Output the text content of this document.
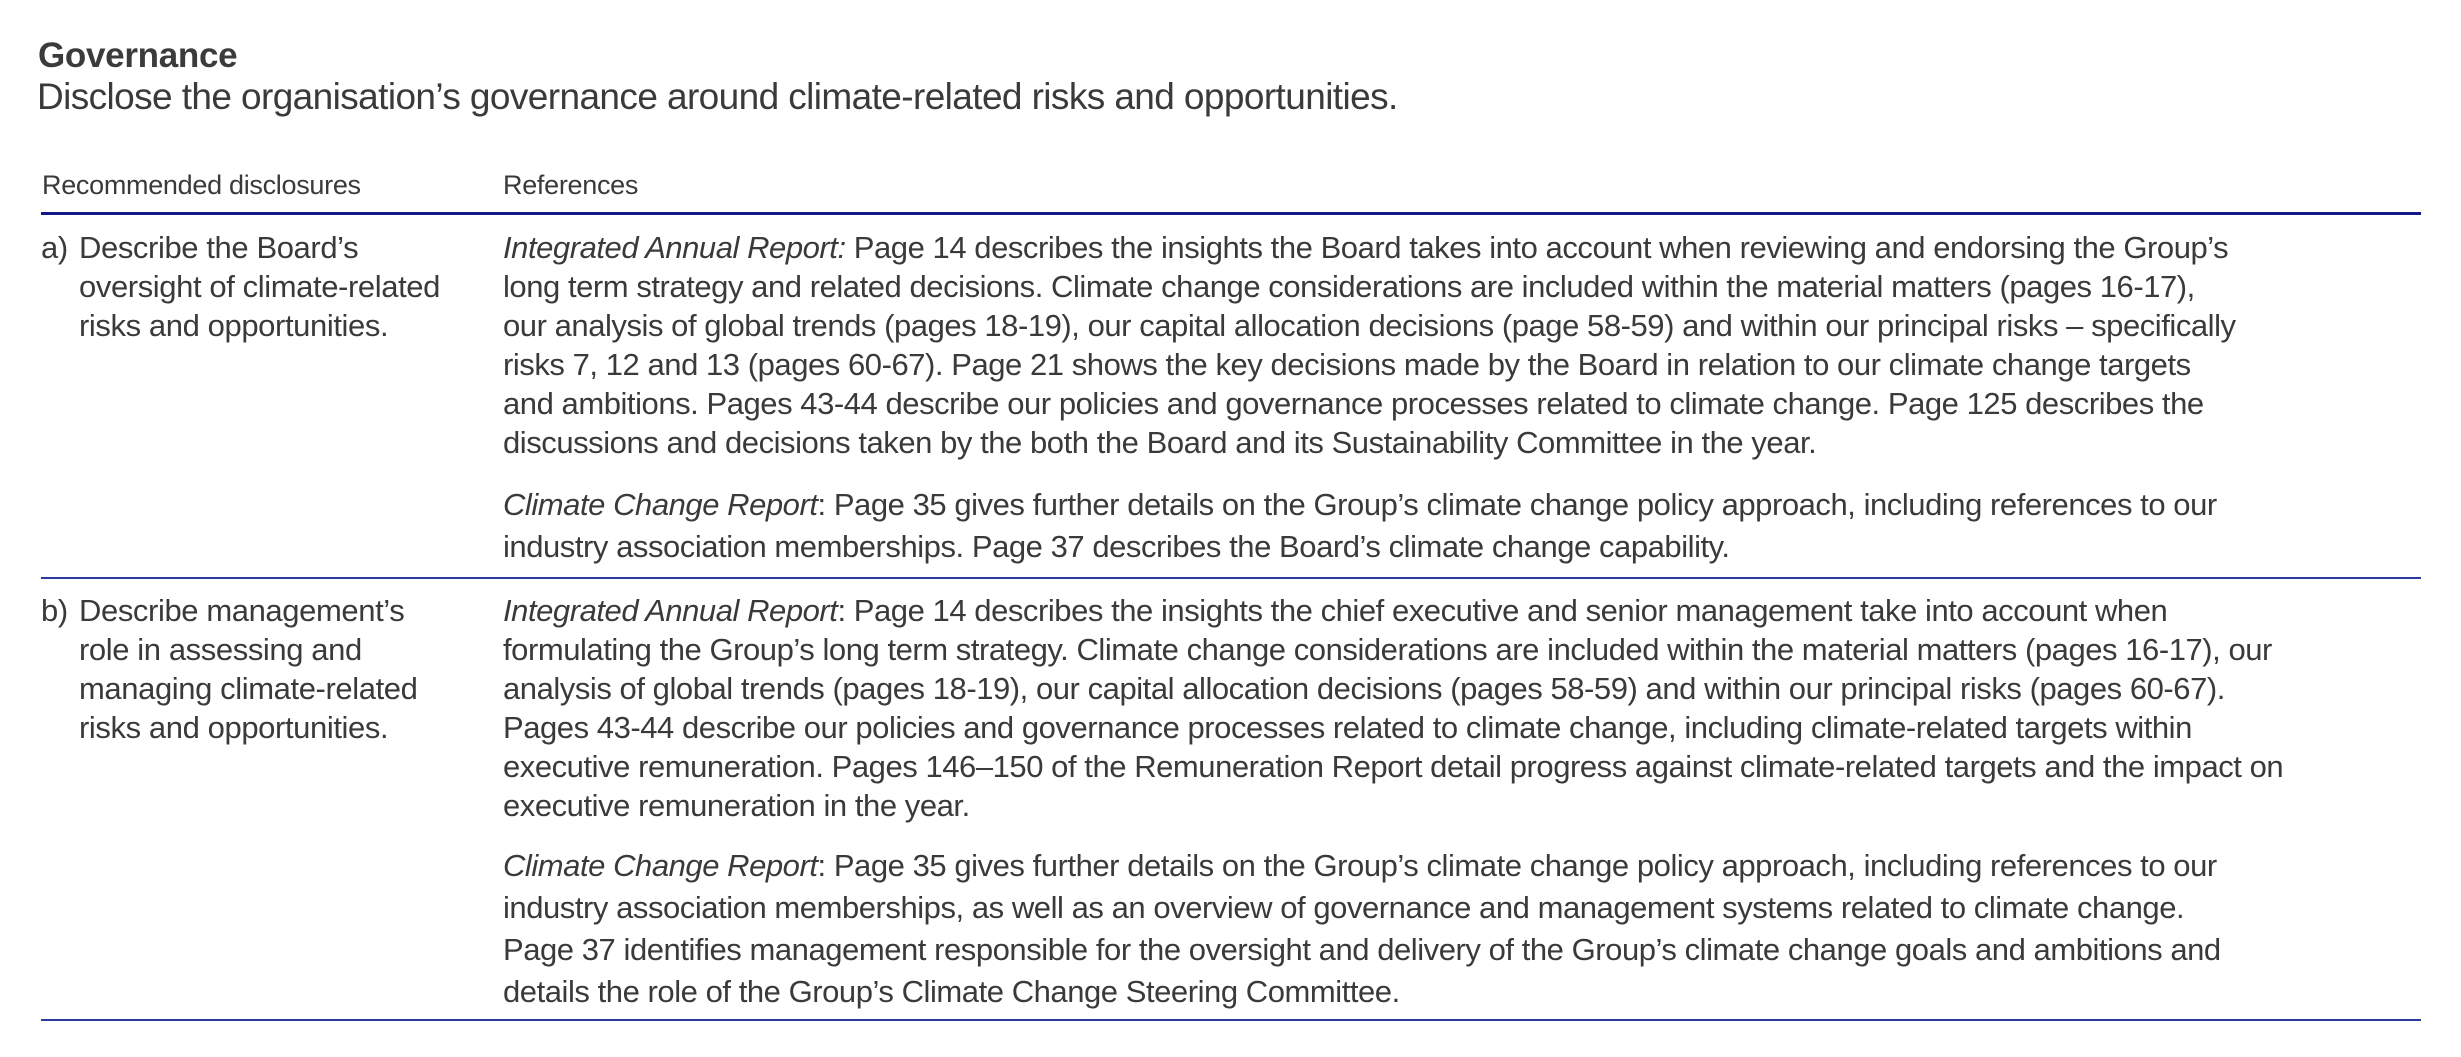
Governance
Disclose the organisation’s governance around climate-related risks and opportunities.
Recommended disclosures	References
a) Describe the Board’s
oversight of climate-related
risks and opportunities.
Integrated Annual Report: Page 14 describes the insights the Board takes into account when reviewing and endorsing the Group’s
long term strategy and related decisions. Climate change considerations are included within the material matters (pages 16-17),
our analysis of global trends (pages 18-19), our capital allocation decisions (page 58-59) and within our principal risks – specifically
risks 7, 12 and 13 (pages 60-67). Page 21 shows the key decisions made by the Board in relation to our climate change targets
and ambitions. Pages 43-44 describe our policies and governance processes related to climate change. Page 125 describes the
discussions and decisions taken by the both the Board and its Sustainability Committee in the year.
Climate Change Report: Page 35 gives further details on the Group’s climate change policy approach, including references to our
industry association memberships. Page 37 describes the Board’s climate change capability.
b) Describe management’s
role in assessing and
managing climate-related
risks and opportunities.
Integrated Annual Report: Page 14 describes the insights the chief executive and senior management take into account when
formulating the Group’s long term strategy. Climate change considerations are included within the material matters (pages 16-17), our
analysis of global trends (pages 18-19), our capital allocation decisions (pages 58-59) and within our principal risks (pages 60-67).
Pages 43-44 describe our policies and governance processes related to climate change, including climate-related targets within
executive remuneration. Pages 146–150 of the Remuneration Report detail progress against climate-related targets and the impact on
executive remuneration in the year.
Climate Change Report: Page 35 gives further details on the Group’s climate change policy approach, including references to our
industry association memberships, as well as an overview of governance and management systems related to climate change.
Page 37 identifies management responsible for the oversight and delivery of the Group’s climate change goals and ambitions and
details the role of the Group’s Climate Change Steering Committee.
